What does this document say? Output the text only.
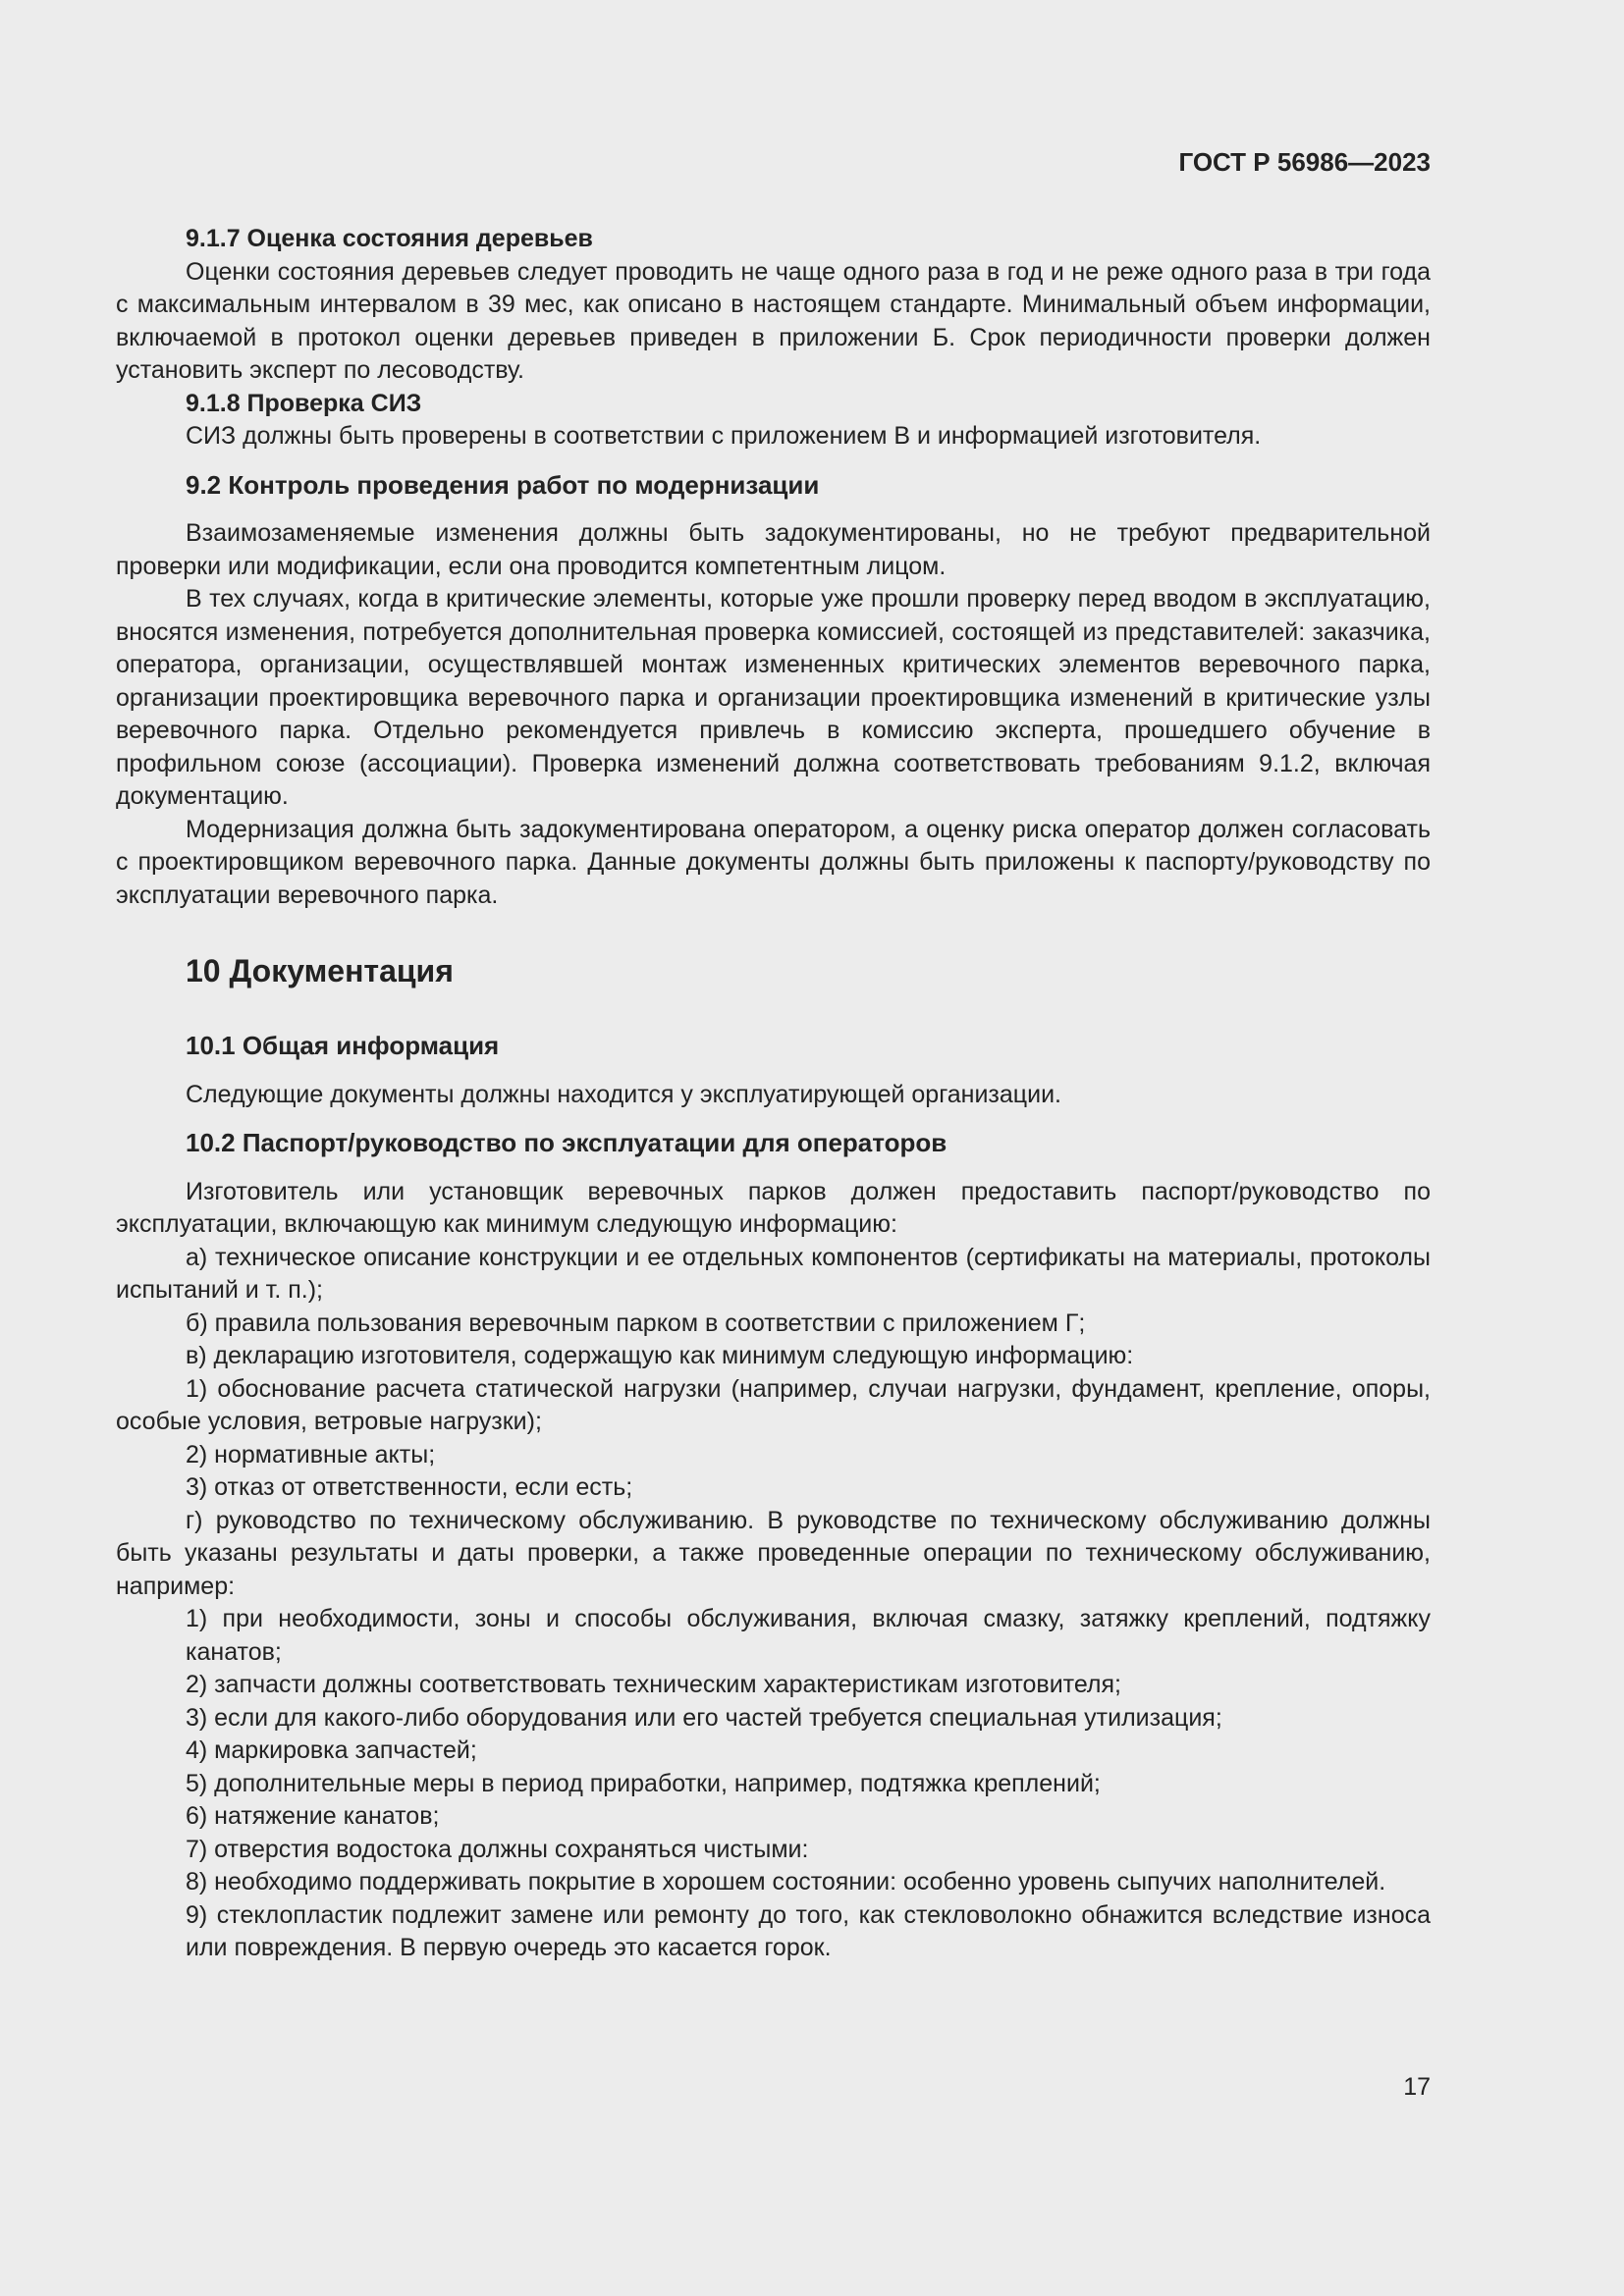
ГОСТ Р 56986—2023

9.1.7 Оценка состояния деревьев

Оценки состояния деревьев следует проводить не чаще одного раза в год и не реже одного раза в три года с максимальным интервалом в 39 мес, как описано в настоящем стандарте. Минимальный объем информации, включаемой в протокол оценки деревьев приведен в приложении Б. Срок периодичности проверки должен установить эксперт по лесоводству.

9.1.8 Проверка СИЗ

СИЗ должны быть проверены в соответствии с приложением В и информацией изготовителя.

9.2 Контроль проведения работ по модернизации

Взаимозаменяемые изменения должны быть задокументированы, но не требуют предварительной проверки или модификации, если она проводится компетентным лицом.

В тех случаях, когда в критические элементы, которые уже прошли проверку перед вводом в эксплуатацию, вносятся изменения, потребуется дополнительная проверка комиссией, состоящей из представителей: заказчика, оператора, организации, осуществлявшей монтаж измененных критических элементов веревочного парка, организации проектировщика веревочного парка и организации проектировщика изменений в критические узлы веревочного парка. Отдельно рекомендуется привлечь в комиссию эксперта, прошедшего обучение в профильном союзе (ассоциации). Проверка изменений должна соответствовать требованиям 9.1.2, включая документацию.

Модернизация должна быть задокументирована оператором, а оценку риска оператор должен согласовать с проектировщиком веревочного парка. Данные документы должны быть приложены к паспорту/руководству по эксплуатации веревочного парка.

10 Документация

10.1 Общая информация

Следующие документы должны находится у эксплуатирующей организации.

10.2 Паспорт/руководство по эксплуатации для операторов

Изготовитель или установщик веревочных парков должен предоставить паспорт/руководство по эксплуатации, включающую как минимум следующую информацию:

а) техническое описание конструкции и ее отдельных компонентов (сертификаты на материалы, протоколы испытаний и т. п.);

б) правила пользования веревочным парком в соответствии с приложением Г;

в) декларацию изготовителя, содержащую как минимум следующую информацию:

1) обоснование расчета статической нагрузки (например, случаи нагрузки, фундамент, крепление, опоры, особые условия, ветровые нагрузки);

2) нормативные акты;

3) отказ от ответственности, если есть;

г) руководство по техническому обслуживанию. В руководстве по техническому обслуживанию должны быть указаны результаты и даты проверки, а также проведенные операции по техническому обслуживанию, например:

1) при необходимости, зоны и способы обслуживания, включая смазку, затяжку креплений, подтяжку канатов;

2) запчасти должны соответствовать техническим характеристикам изготовителя;

3) если для какого-либо оборудования или его частей требуется специальная утилизация;

4) маркировка запчастей;

5) дополнительные меры в период приработки, например, подтяжка креплений;

6) натяжение канатов;

7) отверстия водостока должны сохраняться чистыми:

8) необходимо поддерживать покрытие в хорошем состоянии: особенно уровень сыпучих наполнителей.

9) стеклопластик подлежит замене или ремонту до того, как стекловолокно обнажится вследствие износа или повреждения. В первую очередь это касается горок.

17
